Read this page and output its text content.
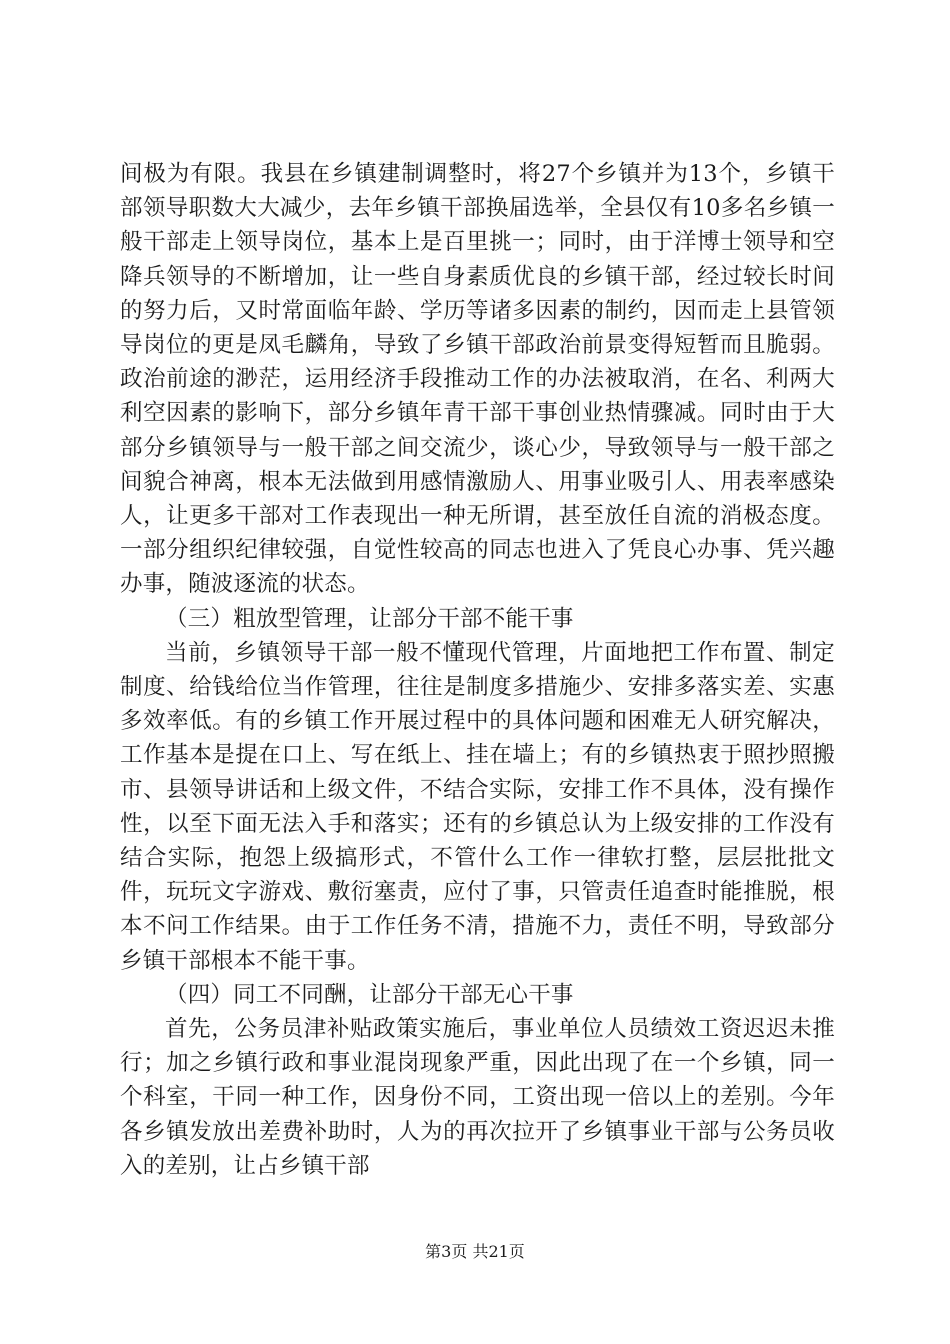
间极为有限。我县在乡镇建制调整时，将27个乡镇并为13个，乡镇干部领导职数大大减少，去年乡镇干部换届选举，全县仅有10多名乡镇一般干部走上领导岗位，基本上是百里挑一；同时，由于洋博士领导和空降兵领导的不断增加，让一些自身素质优良的乡镇干部，经过较长时间的努力后，又时常面临年龄、学历等诸多因素的制约，因而走上县管领导岗位的更是凤毛麟角，导致了乡镇干部政治前景变得短暂而且脆弱。政治前途的渺茫，运用经济手段推动工作的办法被取消，在名、利两大利空因素的影响下，部分乡镇年青干部干事创业热情骤减。同时由于大部分乡镇领导与一般干部之间交流少，谈心少，导致领导与一般干部之间貌合神离，根本无法做到用感情激励人、用事业吸引人、用表率感染人，让更多干部对工作表现出一种无所谓，甚至放任自流的消极态度。一部分组织纪律较强，自觉性较高的同志也进入了凭良心办事、凭兴趣办事，随波逐流的状态。

（三）粗放型管理，让部分干部不能干事

当前，乡镇领导干部一般不懂现代管理，片面地把工作布置、制定制度、给钱给位当作管理，往往是制度多措施少、安排多落实差、实惠多效率低。有的乡镇工作开展过程中的具体问题和困难无人研究解决，工作基本是提在口上、写在纸上、挂在墙上；有的乡镇热衷于照抄照搬市、县领导讲话和上级文件，不结合实际，安排工作不具体，没有操作性，以至下面无法入手和落实；还有的乡镇总认为上级安排的工作没有结合实际，抱怨上级搞形式，不管什么工作一律软打整，层层批批文件，玩玩文字游戏、敷衍塞责，应付了事，只管责任追查时能推脱，根本不问工作结果。由于工作任务不清，措施不力，责任不明，导致部分乡镇干部根本不能干事。

（四）同工不同酬，让部分干部无心干事

首先，公务员津补贴政策实施后，事业单位人员绩效工资迟迟未推行；加之乡镇行政和事业混岗现象严重，因此出现了在一个乡镇，同一个科室，干同一种工作，因身份不同，工资出现一倍以上的差别。今年各乡镇发放出差费补助时，人为的再次拉开了乡镇事业干部与公务员收入的差别，让占乡镇干部

第3页 共21页
